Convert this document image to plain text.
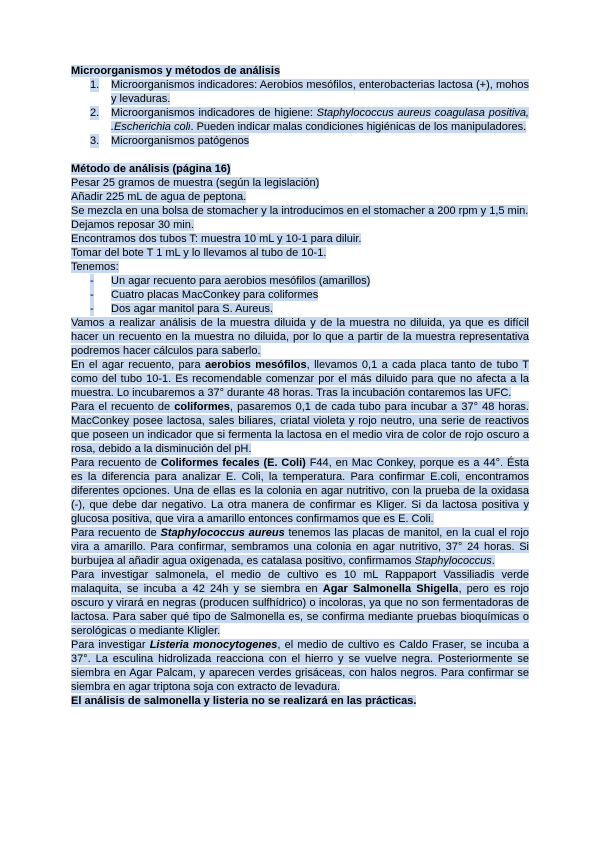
Microorganismos y métodos de análisis
1. Microorganismos indicadores: Aerobios mesófilos, enterobacterias lactosa (+), mohos y levaduras.
2. Microorganismos indicadores de higiene: Staphylococcus aureus coagulasa positiva, .Escherichia coli. Pueden indicar malas condiciones higiénicas de los manipuladores.
3. Microorganismos patógenos
Método de análisis (página 16)
Pesar 25 gramos de muestra (según la legislación)
Añadir 225 mL de agua de peptona.
Se mezcla en una bolsa de stomacher y la introducimos en el stomacher a 200 rpm y 1,5 min.
Dejamos reposar 30 min.
Encontramos dos tubos T: muestra 10 mL y 10-1 para diluir.
Tomar del bote T 1 mL y lo llevamos al tubo de 10-1.
Tenemos:
- Un agar recuento para aerobios mesófilos (amarillos)
- Cuatro placas MacConkey para coliformes
- Dos agar manitol para S. Aureus.
Vamos a realizar análisis de la muestra diluida y de la muestra no diluida, ya que es difícil hacer un recuento en la muestra no diluida, por lo que a partir de la muestra representativa podremos hacer cálculos para saberlo.
En el agar recuento, para aerobios mesófilos, llevamos 0,1 a cada placa tanto de tubo T como del tubo 10-1. Es recomendable comenzar por el más diluido para que no afecta a la muestra. Lo incubaremos a 37° durante 48 horas. Tras la incubación contaremos las UFC.
Para el recuento de coliformes, pasaremos 0,1 de cada tubo para incubar a 37° 48 horas. MacConkey posee lactosa, sales biliares, criatal violeta y rojo neutro, una serie de reactivos que poseen un indicador que si fermenta la lactosa en el medio vira de color de rojo oscuro a rosa, debido a la disminución del pH.
Para recuento de Coliformes fecales (E. Coli) F44, en Mac Conkey, porque es a 44°. Ésta es la diferencia para analizar E. Coli, la temperatura. Para confirmar E.coli, encontramos diferentes opciones. Una de ellas es la colonia en agar nutritivo, con la prueba de la oxidasa (-), que debe dar negativo. La otra manera de confirmar es Kliger. Si da lactosa positiva y glucosa positiva, que vira a amarillo entonces confirmamos que es E. Coli.
Para recuento de Staphylococcus aureus tenemos las placas de manitol, en la cual el rojo vira a amarillo. Para confirmar, sembramos una colonia en agar nutritivo, 37° 24 horas. Si burbujea al añadir agua oxigenada, es catalasa positivo, confirmamos Staphylococcus.
Para investigar salmonela, el medio de cultivo es 10 mL Rappaport Vassiliadis verde malaquita, se incuba a 42 24h y se siembra en Agar Salmonella Shigella, pero es rojo oscuro y virará en negras (producen sulfhídrico) o incoloras, ya que no son fermentadoras de lactosa. Para saber qué tipo de Salmonella es, se confirma mediante pruebas bioquímicas o serológicas o mediante Kligler.
Para investigar Listeria monocytogenes, el medio de cultivo es Caldo Fraser, se incuba a 37°. La esculina hidrolizada reacciona con el hierro y se vuelve negra. Posteriormente se siembra en Agar Palcam, y aparecen verdes grisáceas, con halos negros. Para confirmar se siembra en agar triptona soja con extracto de levadura.
El análisis de salmonella y listeria no se realizará en las prácticas.
